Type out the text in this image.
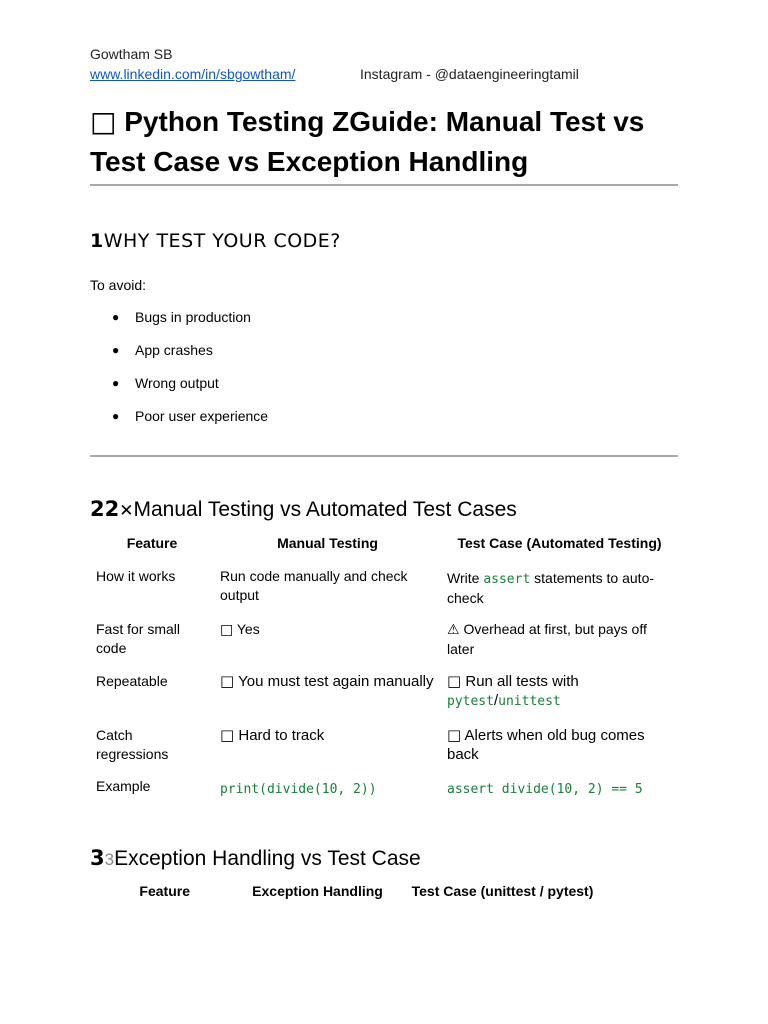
Gowtham SB
www.linkedin.com/in/sbgowtham/	Instagram - @dataengineeringtamil
□ Python Testing ZGuide: Manual Test vs Test Case vs Exception Handling
1WHY TEST YOUR CODE?
To avoid:
● Bugs in production
● App crashes
● Wrong output
● Poor user experience
22✕Manual Testing vs Automated Test Cases
Feature	Manual Testing	Test Case (Automated Testing)
How it works	Run code manually and check output	Write assert statements to auto-check
Fast for small code	□ Yes	⚠ Overhead at first, but pays off later
Repeatable	□ You must test again manually	□ Run all tests with
pytest/unittest
Catch regressions	□ Hard to track	□ Alerts when old bug comes back
Example	print(divide(10, 2))	assert divide(10, 2) == 5
33Exception Handling vs Test Case
Feature	Exception Handling	Test Case (unittest / pytest)
